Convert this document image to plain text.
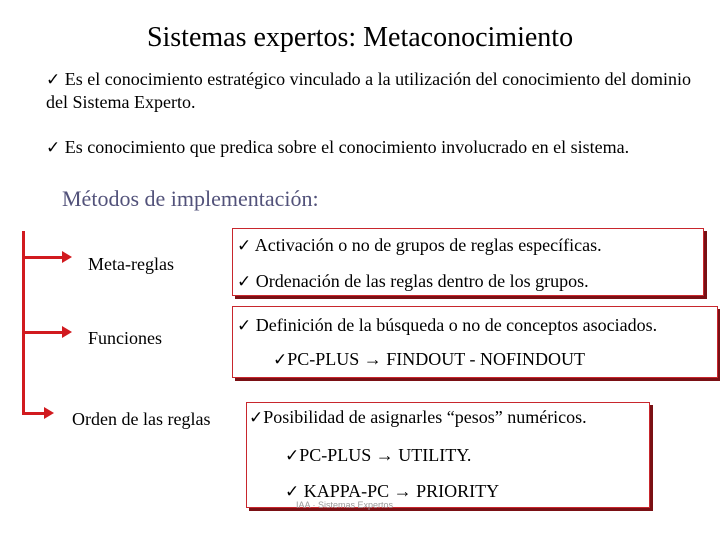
Sistemas expertos: Metaconocimiento
✓ Es el conocimiento estratégico vinculado a la utilización del conocimiento del dominio del Sistema Experto.
✓ Es conocimiento que predica sobre el conocimiento involucrado en el sistema.
Métodos de implementación:
Meta-reglas
Funciones
Orden de las reglas
✓ Activación o no de grupos de reglas específicas.
✓ Ordenación de las reglas dentro de los grupos.
✓ Definición de la búsqueda o no de conceptos asociados.
✓PC-PLUS → FINDOUT - NOFINDOUT
✓Posibilidad de asignarles “pesos” numéricos.
✓PC-PLUS → UTILITY.
✓ KAPPA-PC → PRIORITY
IAA · Sistemas Expertos
